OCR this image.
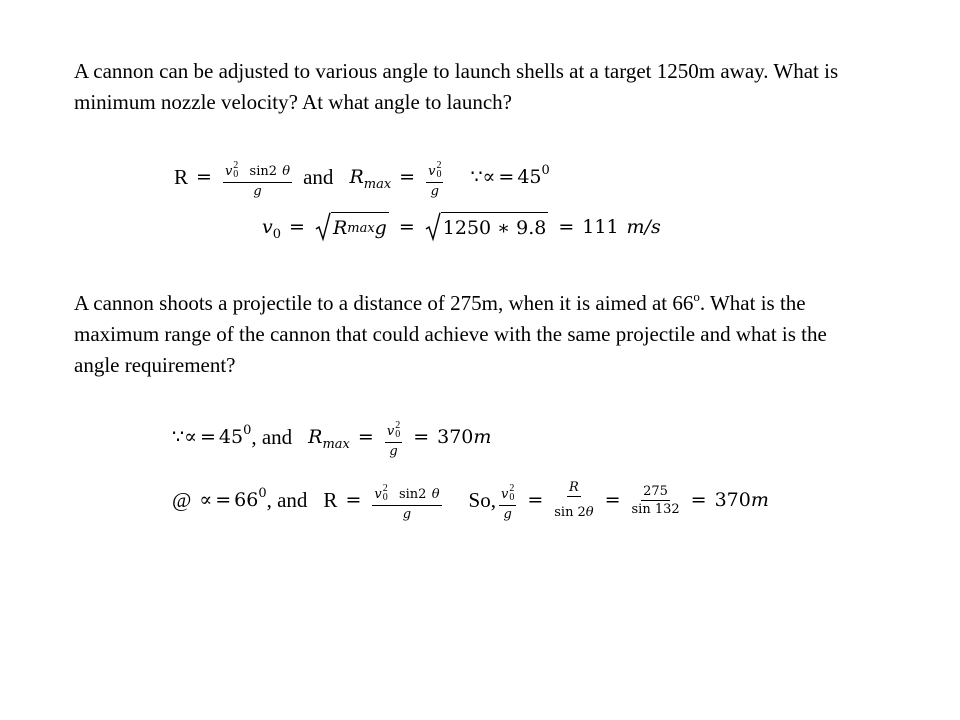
A cannon can be adjusted to various angle to launch shells at a target 1250m away. What is minimum nozzle velocity? At what angle to launch?
R = v 2
0 sin2 θ
g and $R_{max} = v$ 2
0
g ∵ ∝ = $45^0$
$v_0$ =	R max g =	1250 ∗ 9.8 = 111 m/s
A cannon shoots a projectile to a distance of 275m, when it is aimed at 66$^o$. What is the maximum range of the cannon that could achieve with the same projectile and what is the angle requirement?
∵ ∝ = $45^0$ , and $R_{max} = v$ 2
0
g = 370 m
@ ∝ = $66^0$ , and R = v 2
0 sin2 θ
g So, v 2
0
$g = \frac{R}{\sin 2\theta} = \frac{275}{\sin 132} = 370$ m
